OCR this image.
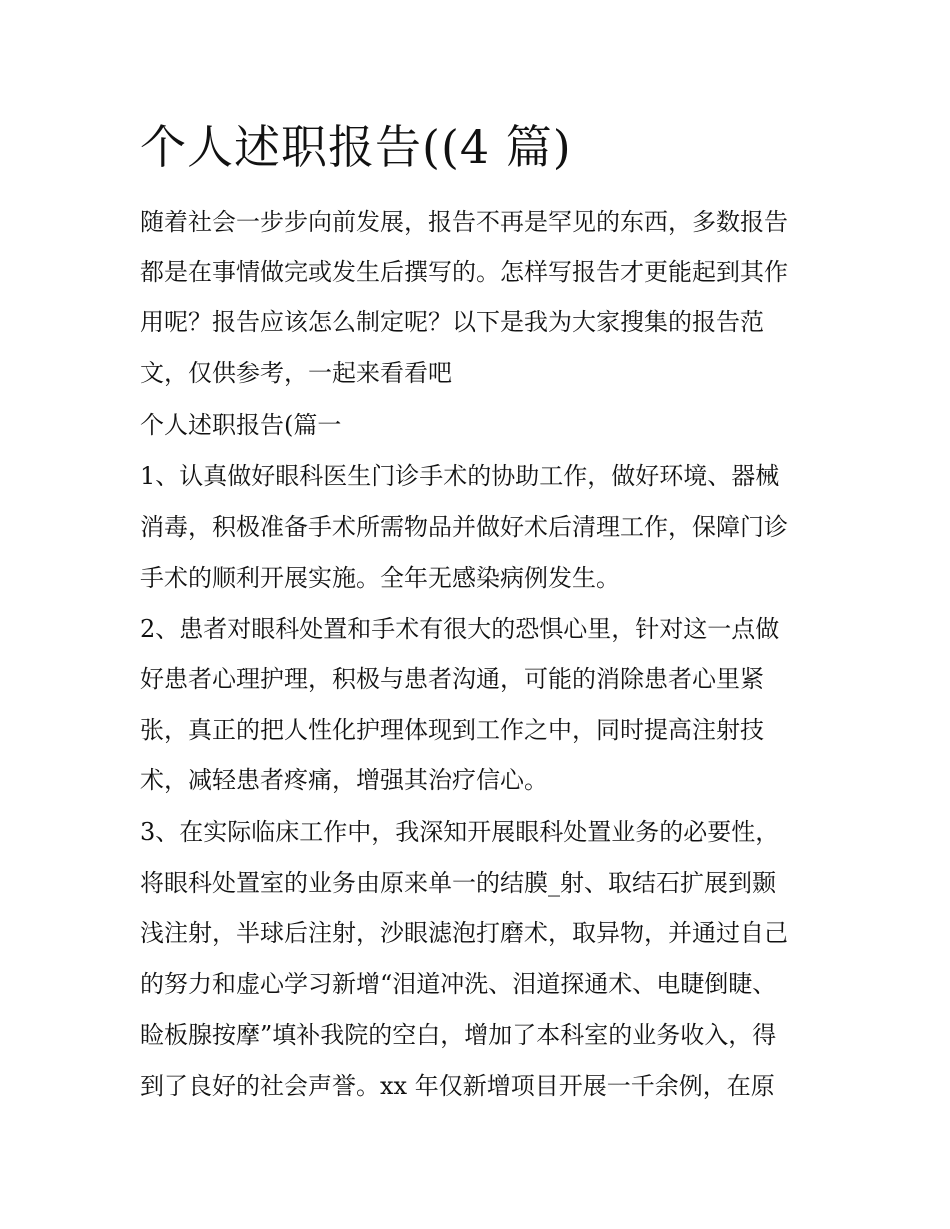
个人述职报告((4 篇)

随着社会一步步向前发展，报告不再是罕见的东西，多数报告

都是在事情做完或发生后撰写的。怎样写报告才更能起到其作

用呢？报告应该怎么制定呢？以下是我为大家搜集的报告范

文，仅供参考，一起来看看吧

个人述职报告(篇一

1、认真做好眼科医生门诊手术的协助工作，做好环境、器械

消毒，积极准备手术所需物品并做好术后清理工作，保障门诊

手术的顺利开展实施。全年无感染病例发生。

2、患者对眼科处置和手术有很大的恐惧心里，针对这一点做

好患者心理护理，积极与患者沟通，可能的消除患者心里紧

张，真正的把人性化护理体现到工作之中，同时提高注射技

术，减轻患者疼痛，增强其治疗信心。

3、在实际临床工作中，我深知开展眼科处置业务的必要性，

将眼科处置室的业务由原来单一的结膜_射、取结石扩展到颞

浅注射，半球后注射，沙眼滤泡打磨术，取异物，并通过自己

的努力和虚心学习新增“泪道冲洗、泪道探通术、电睫倒睫、

睑板腺按摩”填补我院的空白，增加了本科室的业务收入，得

到了良好的社会声誉。xx 年仅新增项目开展一千余例，在原
